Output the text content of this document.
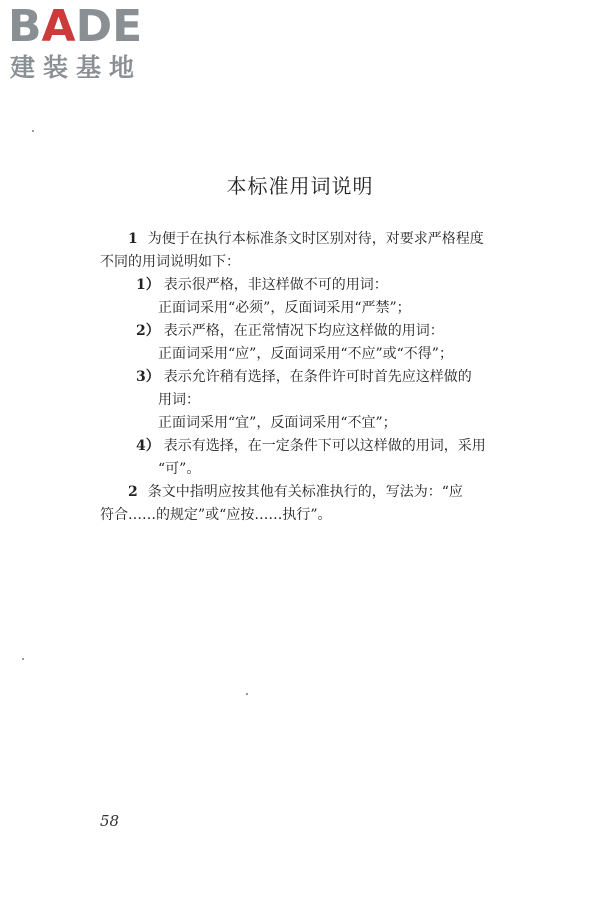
BADE
建装基地
本标准用词说明

1 为便于在执行本标准条文时区别对待，对要求严格程度

不同的用词说明如下：

1） 表示很严格，非这样做不可的用词：

正面词采用“必须”，反面词采用“严禁”；

2） 表示严格，在正常情况下均应这样做的用词：

正面词采用“应”，反面词采用“不应”或“不得”；

3） 表示允许稍有选择，在条件许可时首先应这样做的

用词：

正面词采用“宜”，反面词采用“不宜”；

4） 表示有选择，在一定条件下可以这样做的用词，采用

“可”。

2 条文中指明应按其他有关标准执行的，写法为：“应

符合……的规定”或“应按……执行”。

58
